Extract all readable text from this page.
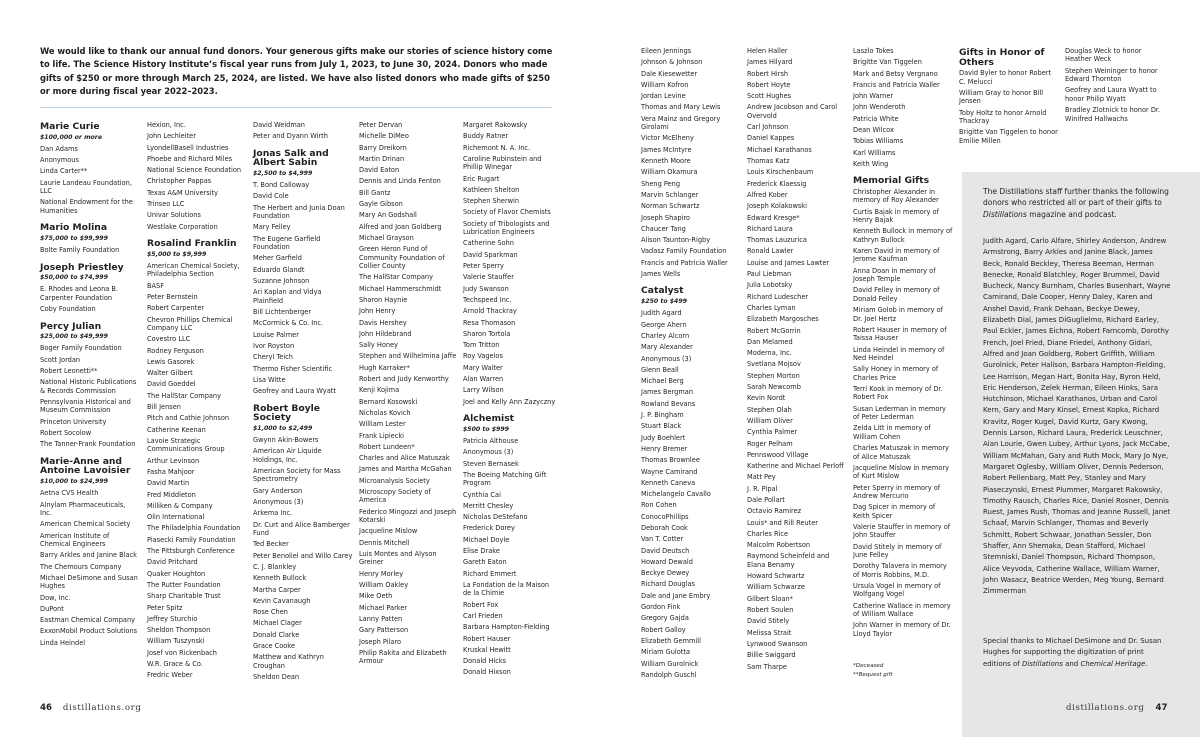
We would like to thank our annual fund donors. Your generous gifts make our stories of science history come to life. The Science History Institute’s fiscal year runs from July 1, 2023, to June 30, 2024. Donors who made gifts of $250 or more through March 25, 2024, are listed. We have also listed donors who made gifts of $250 or more during fiscal year 2022–2023.
Marie Curie
$100,000 or more
Dan Adams
Anonymous
Linda Carter**
Laurie Landeau Foundation, LLC
National Endowment for the Humanities
Mario Molina
$75,000 to $99,999
Bolte Family Foundation
Joseph Priestley
$50,000 to $74,999
E. Rhodes and Leona B. Carpenter Foundation
Coby Foundation
Percy Julian
$25,000 to $49,999
Boger Family Foundation
Scott Jordan
Robert Leonetti**
National Historic Publications & Records Commission
Pennsylvania Historical and Museum Commission
Princeton University
Robert Socolow
The Tanner-Frank Foundation
Marie-Anne and Antoine Lavoisier
$10,000 to $24,999
Aetna CVS Health
Alnylam Pharmaceuticals, Inc.
American Chemical Society
American Institute of Chemical Engineers
Barry Arkles and Janine Black
The Chemours Company
Michael DeSimone and Susan Hughes
Dow, Inc.
DuPont
Eastman Chemical Company
ExxonMobil Product Solutions
Linda Heindel
Hexion, Inc.
John Lechleiter
LyondellBasell Industries
Phoebe and Richard Miles
National Science Foundation
Christopher Pappas
Texas A&M University
Trinseo LLC
Univar Solutions
Westlake Corporation
Rosalind Franklin
$5,000 to $9,999
American Chemical Society, Philadelphia Section
BASF
Peter Bernstein
Robert Carpenter
Chevron Phillips Chemical Company LLC
Covestro LLC
Rodney Ferguson
Lewis Gasorek
Walter Gilbert
David Goeddel
The HallStar Company
Bill Jensen
Pitch and Cathie Johnson
Catherine Keenan
Lavoie Strategic Communications Group
Arthur Levinson
Fasha Mahjoor
David Martin
Fred Middleton
Milliken & Company
Olin International
The Philadelphia Foundation
Piasecki Family Foundation
The Pittsburgh Conference
David Pritchard
Quaker Houghton
The Rutter Foundation
Sharp Charitable Trust
Peter Spitz
Jeffrey Sturchio
Sheldon Thompson
William Tuszynski
Josef von Rickenbach
W.R. Grace & Co.
Fredric Weber
David Weidman
Peter and Dyann Wirth
Jonas Salk and Albert Sabin
$2,500 to $4,999
T. Bond Calloway
David Cole
The Herbert and Junia Doan Foundation
Mary Felley
The Eugene Garfield Foundation
Meher Garfield
Eduardo Glandt
Suzanne Johnson
Ari Kaplan and Vidya Plainfield
Bill Lichtenberger
McCormick & Co. Inc.
Louise Palmer
Ivor Royston
Cheryl Teich
Thermo Fisher Scientific
Lisa Witte
Geofrey and Laura Wyatt
Robert Boyle Society
$1,000 to $2,499
Gwynn Akin-Bowers
American Air Liquide Holdings, Inc.
American Society for Mass Spectrometry
Gary Anderson
Anonymous (3)
Arkema Inc.
Dr. Curt and Alice Bamberger Fund
Ted Becker
Peter Benoliel and Willo Carey
C. J. Blankley
Kenneth Bullock
Martha Carper
Kevin Cavanaugh
Rose Chen
Michael Clager
Donald Clarke
Grace Cooke
Matthew and Kathryn Croughan
Sheldon Dean
Peter Dervan
Michelle DiMeo
Barry Dreikorn
Martin Drinan
David Eaton
Dennis and Linda Fenton
Bill Gantz
Gayle Gibson
Mary An Godshall
Alfred and Joan Goldberg
Michael Grayson
Green Heron Fund of Community Foundation of Collier County
The HallStar Company
Michael Hammerschmidt
Sharon Haynie
John Henry
Davis Hershey
John Hildebrand
Sally Honey
Stephen and Wilhelmina Jaffe
Hugh Karraker*
Robert and Judy Kenworthy
Kenji Kojima
Bernard Kosowski
Nicholas Kovich
William Lester
Frank Lipiecki
Robert Lundeen*
Charles and Alice Matuszak
James and Martha McGahan
Microanalysis Society
Microscopy Society of America
Federico Mingozzi and Joseph Kotarski
Jacqueline Mislow
Dennis Mitchell
Luis Montes and Alyson Greiner
Henry Morley
William Oakley
Mike Oeth
Michael Parker
Lanny Patten
Gary Patterson
Joseph Pilaro
Philip Rakita and Elizabeth Armour
Margaret Rakowsky
Buddy Ratner
Richemont N. A. Inc.
Caroline Rubinstein and Phillip Winegar
Eric Rugart
Kathleen Shelton
Stephen Sherwin
Society of Flavor Chemists
Society of Tribologists and Lubrication Engineers
Catherine Sohn
David Sparkman
Peter Sperry
Valerie Stauffer
Judy Swanson
Techspeed Inc.
Arnold Thackray
Resa Thomason
Sharon Tortola
Tom Tritton
Roy Vagelos
Mary Walter
Alan Warren
Larry Wilson
Joel and Kelly Ann Zazyczny
Alchemist
$500 to $999
Patricia Althouse
Anonymous (3)
Steven Bernasek
The Boeing Matching Gift Program
Cynthia Cai
Merritt Chesley
Nicholas DeStefano
Frederick Dorey
Michael Doyle
Elise Drake
Gareth Eaton
Richard Emmert
La Fondation de la Maison de la Chimie
Robert Fox
Carl Frieden
Barbara Hampton-Fielding
Robert Hauser
Kruskal Hewitt
Donald Hicks
Donald Hixson
Eileen Jennings
Johnson & Johnson
Dale Kiesewetter
William Kofron
Jordan Levine
Thomas and Mary Lewis
Vera Mainz and Gregory Girolami
Victor McElheny
James McIntyre
Kenneth Moore
William Okamura
Sheng Peng
Marvin Schlanger
Norman Schwartz
Joseph Shapiro
Chaucer Tang
Alison Taunton-Rigby
Vadasz Family Foundation
Francis and Patricia Waller
James Wells
Catalyst
$250 to $499
Judith Agard
George Ahern
Charley Alcorn
Mary Alexander
Anonymous (3)
Glenn Beall
Michael Berg
James Bergman
Rowland Bevans
J. P. Bingham
Stuart Black
Judy Boehlert
Henry Bremer
Thomas Brownlee
Wayne Camirand
Kenneth Caneva
Michelangelo Cavallo
Ron Cohen
ConocoPhillips
Deborah Cook
Van T. Cotter
David Deutsch
Howard Dewald
Beckye Dewey
Richard Douglas
Dale and Jane Embry
Gordon Fink
Gregory Gajda
Robert Galloy
Elizabeth Gemmill
Miriam Gulotta
William Gurolnick
Randolph Guschl
Helen Haller
James Hilyard
Robert Hirsh
Robert Hoyte
Scott Hughes
Andrew Jacobson and Carol Overvold
Carl Johnson
Daniel Kappes
Michael Karathanos
Thomas Katz
Louis Kirschenbaum
Frederick Klaessig
Alfred Kober
Joseph Kolakowski
Edward Kresge*
Richard Laura
Thomas Lauzurica
Ronald Lawler
Louise and James Lawter
Paul Liebman
Julia Lobotsky
Richard Ludescher
Charles Lyman
Elizabeth Margosches
Robert McGorrin
Dan Melamed
Moderna, Inc.
Svetlana Mojsov
Stephen Morton
Sarah Newcomb
Kevin Nordt
Stephen Olah
William Oliver
Cynthia Palmer
Roger Pelham
Pennswood Village
Katherine and Michael Perloff
Matt Pey
J. R. Pipal
Dale Pollart
Octavio Ramirez
Louis* and Rill Reuter
Charles Rice
Malcolm Robertson
Raymond Scheinfeld and Elana Benamy
Howard Schwartz
William Schwarze
Gilbert Sloan*
Robert Soulen
David Stitely
Melissa Strait
Lynwood Swanson
Billie Swiggard
Sam Tharpe
Laszlo Tokes
Brigitte Van Tiggelen
Mark and Betsy Vergnano
Francis and Patricia Waller
John Warner
John Wenderoth
Patricia White
Dean Wilcox
Tobias Williams
Karl Williams
Keith Wing
Memorial Gifts
Christopher Alexander in memory of Roy Alexander
Curtis Bajak in memory of Henry Bajak
Kenneth Bullock in memory of Kathryn Bullock
Karen David in memory of Jerome Kaufman
Anna Doan in memory of Joseph Temple
David Felley in memory of Donald Felley
Miriam Golob in memory of Dr. Joel Hertz
Robert Hauser in memory of Taissa Hauser
Linda Heindel in memory of Ned Heindel
Sally Honey in memory of Charles Price
Terri Kook in memory of Dr. Robert Fox
Susan Lederman in memory of Peter Lederman
Zelda Litt in memory of William Cohen
Charles Matuszak in memory of Alice Matuszak
Jacqueline Mislow in memory of Kurt Mislow
Peter Sperry in memory of Andrew Mercurio
Dag Spicer in memory of Keith Spicer
Valerie Stauffer in memory of John Stauffer
David Stitely in memory of June Felley
Dorothy Talavera in memory of Morris Robbins, M.D.
Ursula Vogel in memory of Wolfgang Vogel
Catherine Wallace in memory of William Wallace
John Warner in memory of Dr. Lloyd Taylor
Gifts in Honor of Others
David Byler to honor Robert C. Melucci
William Gray to honor Bill Jensen
Toby Holtz to honor Arnold Thackray
Brigitte Van Tiggelen to honor Emilie Millen
Douglas Weck to honor Heather Weck
Stephen Weininger to honor Edward Thornton
Geofrey and Laura Wyatt to honor Philip Wyatt
Bradley Zlotnick to honor Dr. Winifred Hallwachs
*Deceased
**Bequest gift
The Distillations staff further thanks the following donors who restricted all or part of their gifts to Distillations magazine and podcast.
Judith Agard, Carlo Alfare, Shirley Anderson, Andrew Armstrong, Barry Arkles and Janine Black, James Beck, Ronald Beckley, Theresa Beeman, Herman Benecke, Ronald Blatchley, Roger Brummel, David Bucheck, Nancy Burnham, Charles Busenhart, Wayne Camirand, Dale Cooper, Henry Daley, Karen and Anshel David, Frank Dehaan, Beckye Dewey, Elizabeth Dial, James DiGuglielmo, Richard Earley, Paul Eckler, James Eichna, Robert Farncomb, Dorothy French, Joel Fried, Diane Friedel, Anthony Gidari, Alfred and Joan Goldberg, Robert Griffith, William Gurolnick, Peter Hallson, Barbara Hampton-Fielding, Lee Harrison, Megan Hart, Bonita Hay, Byron Held, Eric Henderson, Zelek Herman, Eileen Hinks, Sara Hutchinson, Michael Karathanos, Urban and Carol Kern, Gary and Mary Kinsel, Ernest Kopka, Richard Kravitz, Roger Kugel, David Kurtz, Gary Kwong, Dennis Larson, Richard Laura, Frederick Leuschner, Alan Lourie, Gwen Lubey, Arthur Lyons, Jack McCabe, William McMahan, Gary and Ruth Mock, Mary Jo Nye, Margaret Oglesby, William Oliver, Dennis Pederson, Robert Pellenbarg, Matt Pey, Stanley and Mary Piaseczynski, Ernest Plummer, Margaret Rakowsky, Timothy Rausch, Charles Rice, Daniel Rosner, Dennis Ruest, James Rush, Thomas and Jeanne Russell, Janet Schaaf, Marvin Schlanger, Thomas and Beverly Schmitt, Robert Schwaar, Jonathan Sessler, Don Shaffer, Ann Shemaka, Dean Stafford, Michael Stemniski, Daniel Thompson, Richard Thompson, Alice Veyvoda, Catherine Wallace, William Warner, John Wasacz, Beatrice Werden, Meg Young, Bernard Zimmerman
Special thanks to Michael DeSimone and Dr. Susan Hughes for supporting the digitization of print editions of Distillations and Chemical Heritage.
46 distillations.org	distillations.org 47
